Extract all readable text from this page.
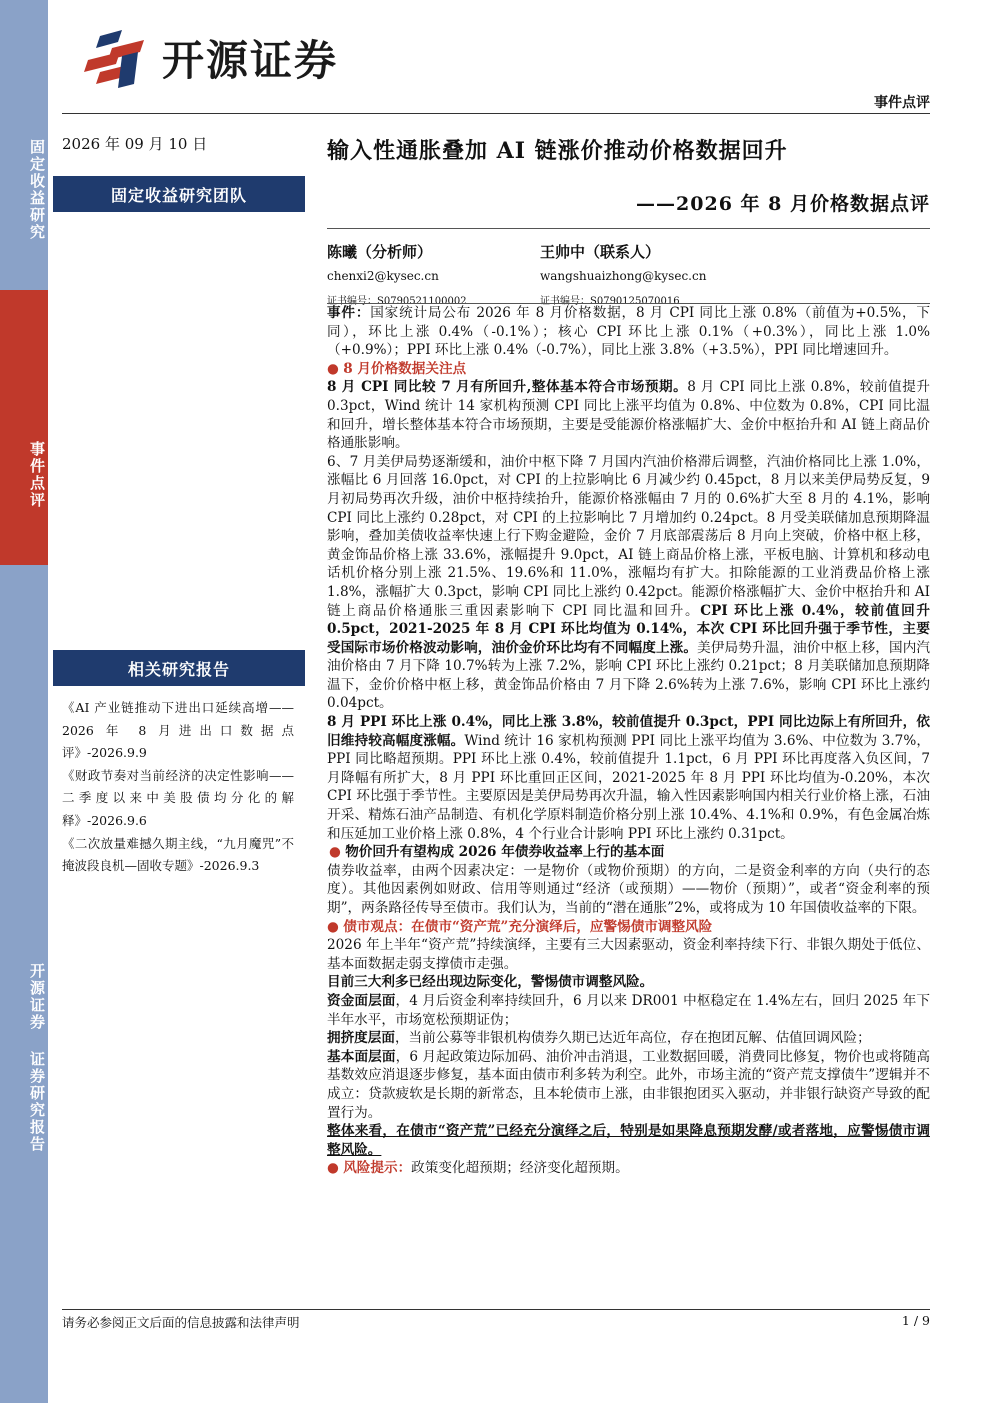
固定收益研究
事件点评
开源证券 证券研究报告
开源证券
事件点评
2026 年 09 月 10 日
固定收益研究团队
输入性通胀叠加 AI 链涨价推动价格数据回升
——2026 年 8 月价格数据点评
陈曦（分析师）
chenxi2@kysec.cn
证书编号：S0790521100002
王帅中（联系人）
wangshuaizhong@kysec.cn
证书编号：S0790125070016

事件：国家统计局公布 2026 年 8 月价格数据，8 月 CPI 同比上涨 0.8%（前值为+0.5%，下同），环比上涨 0.4%（-0.1%）；核心 CPI 环比上涨 0.1%（+0.3%），同比上涨 1.0%（+0.9%）；PPI 环比上涨 0.4%（-0.7%），同比上涨 3.8%（+3.5%），PPI 同比增速回升。

● 8 月价格数据关注点

8 月 CPI 同比较 7 月有所回升,整体基本符合市场预期。8 月 CPI 同比上涨 0.8%，较前值提升 0.3pct，Wind 统计 14 家机构预测 CPI 同比上涨平均值为 0.8%、中位数为 0.8%，CPI 同比温和回升，增长整体基本符合市场预期，主要是受能源价格涨幅扩大、金价中枢抬升和 AI 链上商品价格通胀影响。

6、7 月美伊局势逐渐缓和，油价中枢下降 7 月国内汽油价格滞后调整，汽油价格同比上涨 1.0%，涨幅比 6 月回落 16.0pct，对 CPI 的上拉影响比 6 月减少约 0.45pct，8 月以来美伊局势反复，9 月初局势再次升级，油价中枢持续抬升，能源价格涨幅由 7 月的 0.6%扩大至 8 月的 4.1%，影响 CPI 同比上涨约 0.28pct，对 CPI 的上拉影响比 7 月增加约 0.24pct。8 月受美联储加息预期降温影响，叠加美债收益率快速上行下购金避险，金价 7 月底部震荡后 8 月向上突破，价格中枢上移，黄金饰品价格上涨 33.6%，涨幅提升 9.0pct，AI 链上商品价格上涨，平板电脑、计算机和移动电话机价格分别上涨 21.5%、19.6%和 11.0%，涨幅均有扩大。扣除能源的工业消费品价格上涨 1.8%，涨幅扩大 0.3pct，影响 CPI 同比上涨约 0.42pct。能源价格涨幅扩大、金价中枢抬升和 AI 链上商品价格通胀三重因素影响下 CPI 同比温和回升。CPI 环比上涨 0.4%，较前值回升 0.5pct，2021-2025 年 8 月 CPI 环比均值为 0.14%，本次 CPI 环比回升强于季节性，主要受国际市场价格波动影响，油价金价环比均有不同幅度上涨。美伊局势升温，油价中枢上移，国内汽油价格由 7 月下降 10.7%转为上涨 7.2%，影响 CPI 环比上涨约 0.21pct；8 月美联储加息预期降温下，金价价格中枢上移，黄金饰品价格由 7 月下降 2.6%转为上涨 7.6%，影响 CPI 环比上涨约 0.04pct。

8 月 PPI 环比上涨 0.4%，同比上涨 3.8%，较前值提升 0.3pct，PPI 同比边际上有所回升，依旧维持较高幅度涨幅。Wind 统计 16 家机构预测 PPI 同比上涨平均值为 3.6%、中位数为 3.7%，PPI 同比略超预期。PPI 环比上涨 0.4%，较前值提升 1.1pct，6 月 PPI 环比再度落入负区间，7 月降幅有所扩大，8 月 PPI 环比重回正区间，2021-2025 年 8 月 PPI 环比均值为-0.20%，本次 CPI 环比强于季节性。主要原因是美伊局势再次升温，输入性因素影响国内相关行业价格上涨，石油开采、精炼石油产品制造、有机化学原料制造价格分别上涨 10.4%、4.1%和 0.9%，有色金属冶炼和压延加工业价格上涨 0.8%，4 个行业合计影响 PPI 环比上涨约 0.31pct。

● 物价回升有望构成 2026 年债券收益率上行的基本面

债券收益率，由两个因素决定：一是物价（或物价预期）的方向，二是资金利率的方向（央行的态度）。其他因素例如财政、信用等则通过“经济（或预期）——物价（预期）”，或者“资金利率的预期”，两条路径传导至债市。我们认为，当前的“潜在通胀”2%，或将成为 10 年国债收益率的下限。

● 债市观点：在债市“资产荒”充分演绎后，应警惕债市调整风险

2026 年上半年“资产荒”持续演绎，主要有三大因素驱动，资金利率持续下行、非银久期处于低位、基本面数据走弱支撑债市走强。

目前三大利多已经出现边际变化，警惕债市调整风险。

资金面层面，4 月后资金利率持续回升，6 月以来 DR001 中枢稳定在 1.4%左右，回归 2025 年下半年水平，市场宽松预期证伪；

拥挤度层面，当前公募等非银机构债券久期已达近年高位，存在抱团瓦解、估值回调风险；

基本面层面，6 月起政策边际加码、油价冲击消退，工业数据回暖，消费同比修复，物价也或将随高基数效应消退逐步修复，基本面由债市利多转为利空。此外，市场主流的“资产荒支撑债牛”逻辑并不成立：贷款疲软是长期的新常态，且本轮债市上涨，由非银抱团买入驱动，并非银行缺资产导致的配置行为。

整体来看，在债市“资产荒”已经充分演绎之后，特别是如果降息预期发酵/或者落地，应警惕债市调整风险。

● 风险提示：政策变化超预期；经济变化超预期。

相关研究报告

《AI 产业链推动下进出口延续高增——2026 年 8 月进出口数据点评》-2026.9.9

《财政节奏对当前经济的决定性影响——二季度以来中美股债均分化的解释》-2026.9.6

《二次放量难撼久期主线，“九月魔咒”不掩波段良机—固收专题》-2026.9.3

请务必参阅正文后面的信息披露和法律声明	1 / 9
